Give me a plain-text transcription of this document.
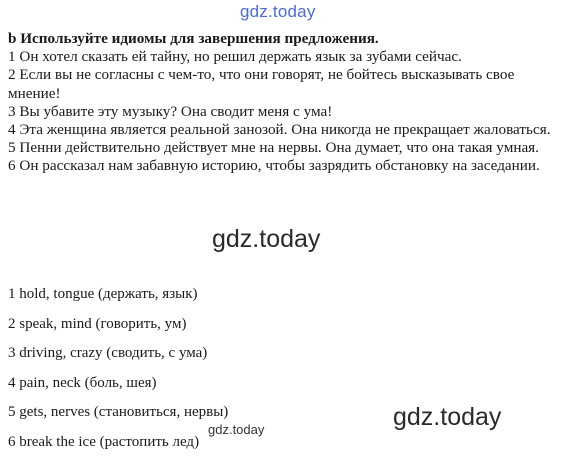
gdz.today
b Используйте идиомы для завершения предложения.

1 Он хотел сказать ей тайну, но решил держать язык за зубами сейчас.

2 Если вы не согласны с чем-то, что они говорят, не бойтесь высказывать свое мнение!

3 Вы убавите эту музыку? Она сводит меня с ума!

4 Эта женщина является реальной занозой. Она никогда не прекращает жаловаться.

5 Пенни действительно действует мне на нервы. Она думает, что она такая умная.

6 Он рассказал нам забавную историю, чтобы зазрядить обстановку на заседании.

gdz.today
1 hold, tongue (держать, язык)
2 speak, mind (говорить, ум)
3 driving, crazy (сводить, с ума)
4 pain, neck (боль, шея)
5 gets, nerves (становиться, нервы)
6 break the ice (растопить лед)
gdz.today
gdz.today
